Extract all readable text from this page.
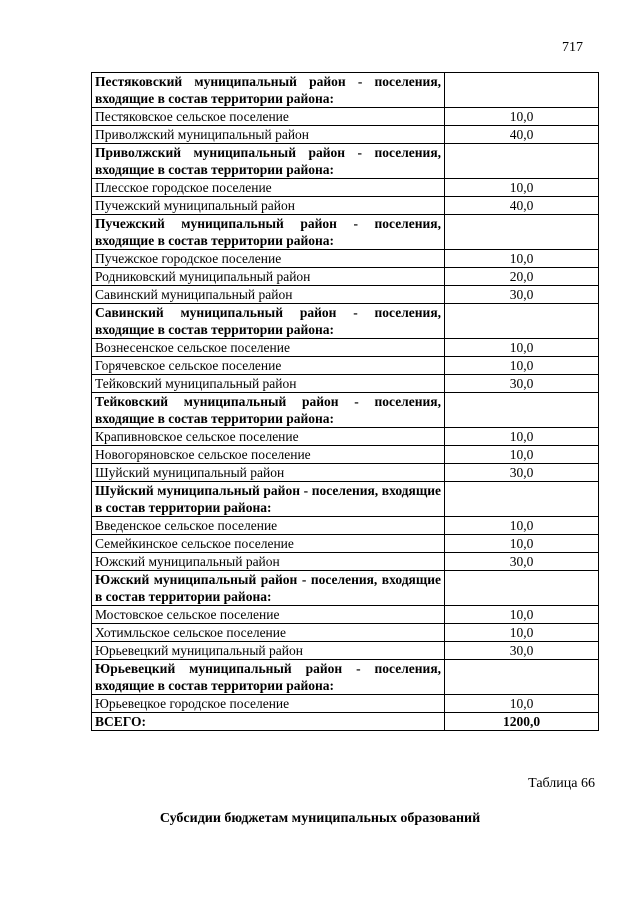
717
Пестяковский муниципальный район - поселения, входящие в состав территории района:	
Пестяковское сельское поселение	10,0
Приволжский муниципальный район	40,0
Приволжский муниципальный район - поселения, входящие в состав территории района:	
Плесское городское поселение	10,0
Пучежский муниципальный район	40,0
Пучежский муниципальный район - поселения, входящие в состав территории района:	
Пучежское городское поселение	10,0
Родниковский муниципальный район	20,0
Савинский муниципальный район	30,0
Савинский муниципальный район - поселения, входящие в состав территории района:	
Вознесенское сельское поселение	10,0
Горячевское сельское поселение	10,0
Тейковский муниципальный район	30,0
Тейковский муниципальный район - поселения, входящие в состав территории района:	
Крапивновское сельское поселение	10,0
Новогоряновское сельское поселение	10,0
Шуйский муниципальный район	30,0
Шуйский муниципальный район - поселения, входящие в состав территории района:	
Введенское сельское поселение	10,0
Семейкинское сельское поселение	10,0
Южский муниципальный район	30,0
Южский муниципальный район - поселения, входящие в состав территории района:	
Мостовское сельское поселение	10,0
Хотимльское сельское поселение	10,0
Юрьевецкий муниципальный район	30,0
Юрьевецкий муниципальный район - поселения, входящие в состав территории района:	
Юрьевецкое городское поселение	10,0
ВСЕГО:	1200,0
Таблица 66
Субсидии бюджетам муниципальных образований
